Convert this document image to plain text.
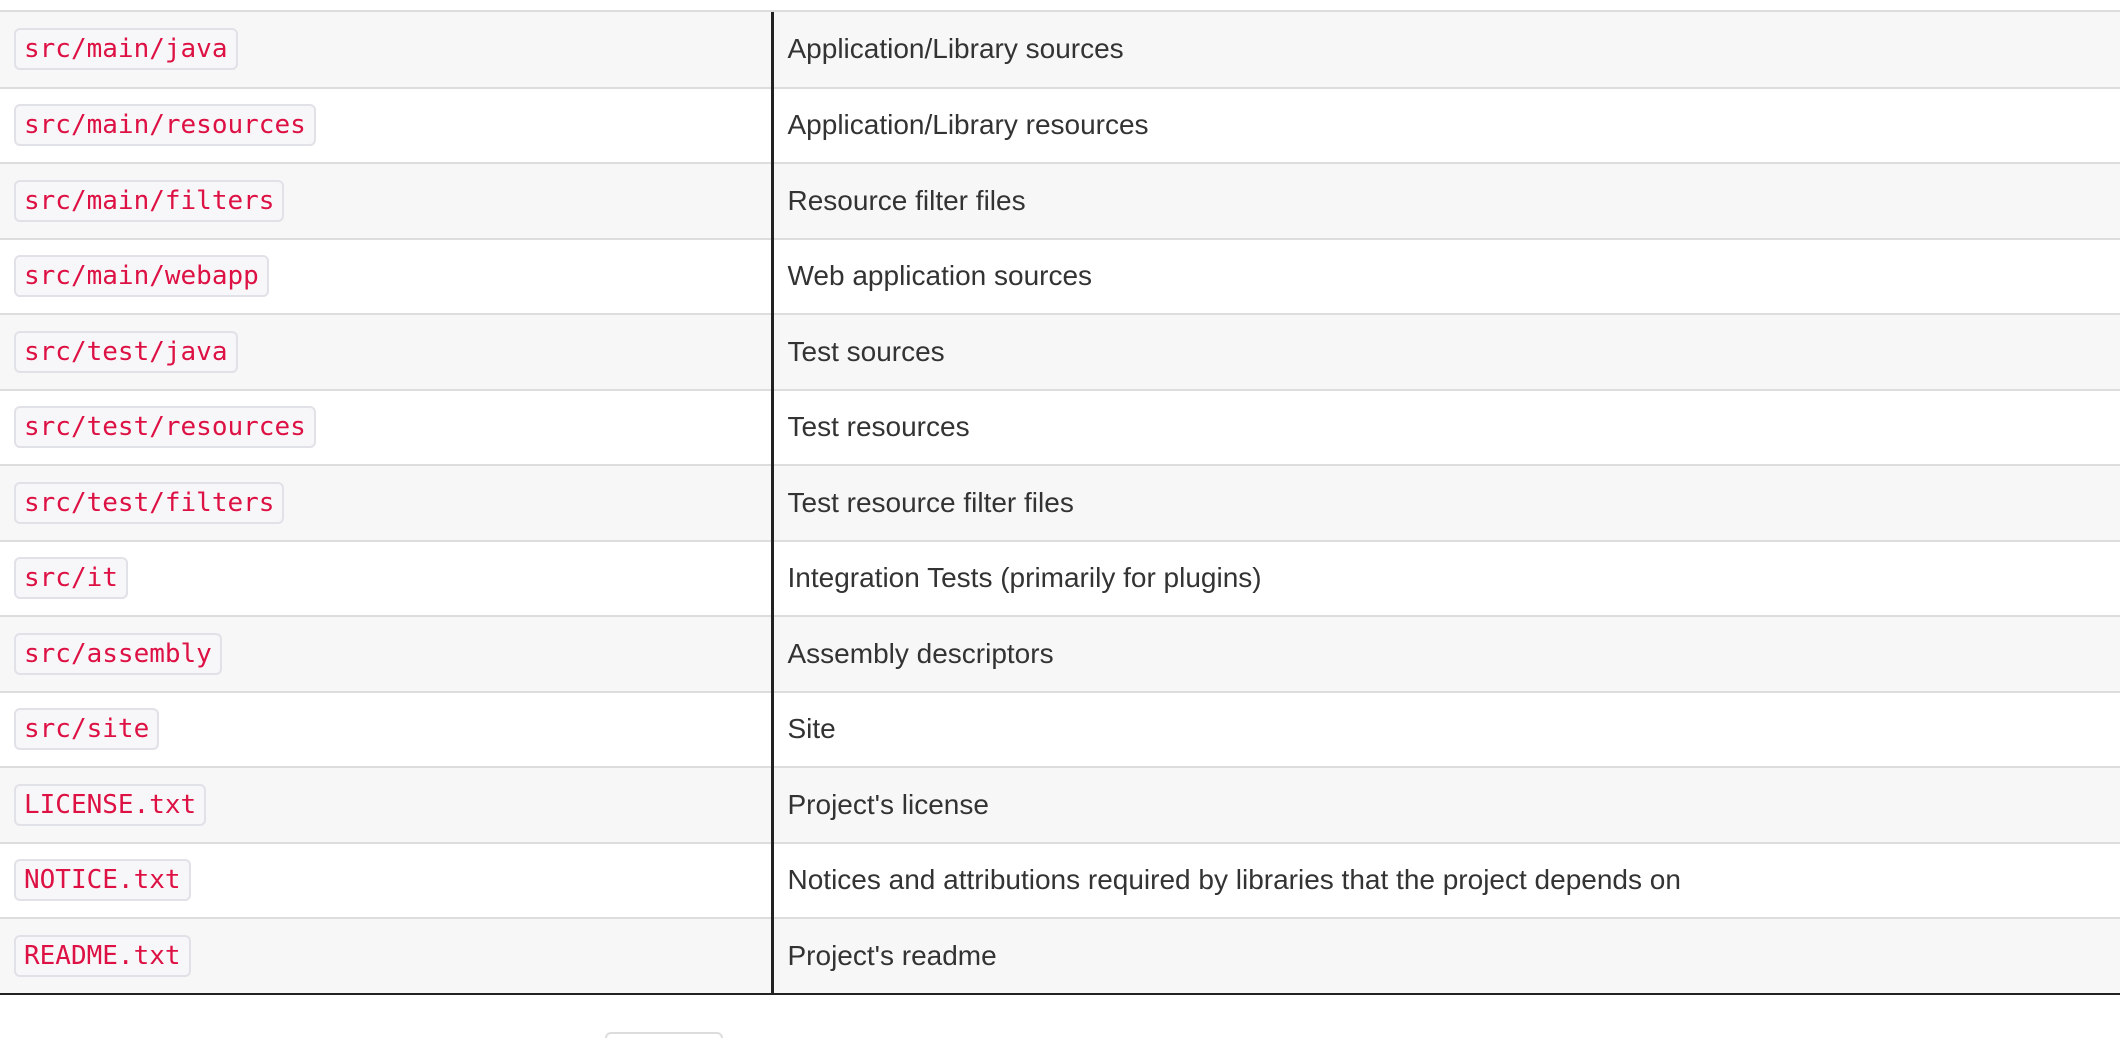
src/main/java	Application/Library sources
src/main/resources	Application/Library resources
src/main/filters	Resource filter files
src/main/webapp	Web application sources
src/test/java	Test sources
src/test/resources	Test resources
src/test/filters	Test resource filter files
src/it	Integration Tests (primarily for plugins)
src/assembly	Assembly descriptors
src/site	Site
LICENSE.txt	Project's license
NOTICE.txt	Notices and attributions required by libraries that the project depends on
README.txt	Project's readme
